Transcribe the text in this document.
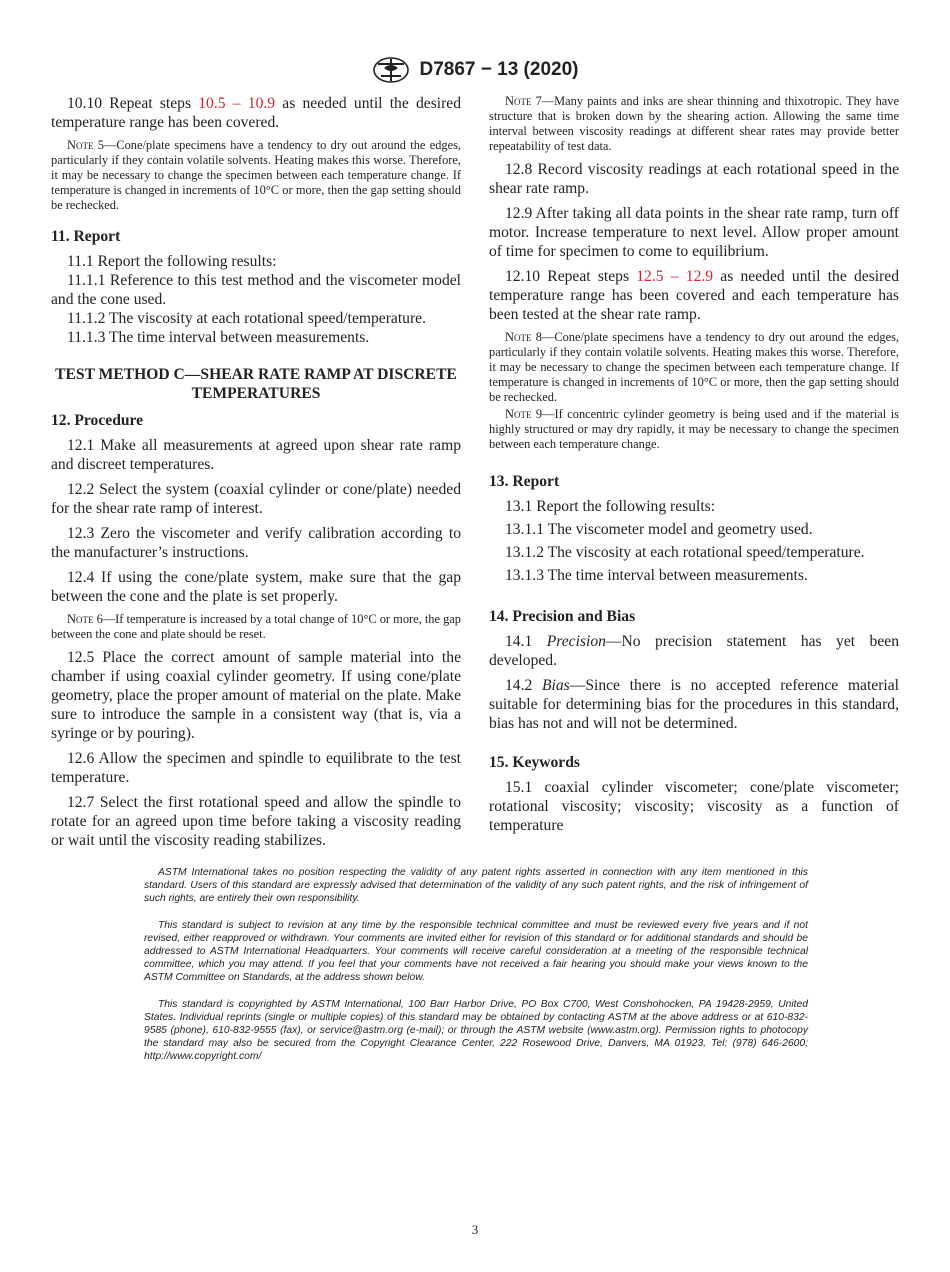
D7867 − 13 (2020)

10.10 Repeat steps 10.5 – 10.9 as needed until the desired temperature range has been covered.

Note 5—Cone/plate specimens have a tendency to dry out around the edges, particularly if they contain volatile solvents. Heating makes this worse. Therefore, it may be necessary to change the specimen between each temperature change. If temperature is changed in increments of 10°C or more, then the gap setting should be rechecked.

11. Report

11.1 Report the following results:

11.1.1 Reference to this test method and the viscometer model and the cone used.

11.1.2 The viscosity at each rotational speed/temperature.

11.1.3 The time interval between measurements.

TEST METHOD C—SHEAR RATE RAMP AT DISCRETE TEMPERATURES

12. Procedure

12.1 Make all measurements at agreed upon shear rate ramp and discreet temperatures.

12.2 Select the system (coaxial cylinder or cone/plate) needed for the shear rate ramp of interest.

12.3 Zero the viscometer and verify calibration according to the manufacturer’s instructions.

12.4 If using the cone/plate system, make sure that the gap between the cone and the plate is set properly.

Note 6—If temperature is increased by a total change of 10°C or more, the gap between the cone and plate should be reset.

12.5 Place the correct amount of sample material into the chamber if using coaxial cylinder geometry. If using cone/plate geometry, place the proper amount of material on the plate. Make sure to introduce the sample in a consistent way (that is, via a syringe or by pouring).

12.6 Allow the specimen and spindle to equilibrate to the test temperature.

12.7 Select the first rotational speed and allow the spindle to rotate for an agreed upon time before taking a viscosity reading or wait until the viscosity reading stabilizes.

Note 7—Many paints and inks are shear thinning and thixotropic. They have structure that is broken down by the shearing action. Allowing the same time interval between viscosity readings at different shear rates may provide better repeatability of test data.

12.8 Record viscosity readings at each rotational speed in the shear rate ramp.

12.9 After taking all data points in the shear rate ramp, turn off motor. Increase temperature to next level. Allow proper amount of time for specimen to come to equilibrium.

12.10 Repeat steps 12.5 – 12.9 as needed until the desired temperature range has been covered and each temperature has been tested at the shear rate ramp.

Note 8—Cone/plate specimens have a tendency to dry out around the edges, particularly if they contain volatile solvents. Heating makes this worse. Therefore, it may be necessary to change the specimen between each temperature change. If temperature is changed in increments of 10°C or more, then the gap setting should be rechecked.

Note 9—If concentric cylinder geometry is being used and if the material is highly structured or may dry rapidly, it may be necessary to change the specimen between each temperature change.

13. Report

13.1 Report the following results:

13.1.1 The viscometer model and geometry used.

13.1.2 The viscosity at each rotational speed/temperature.

13.1.3 The time interval between measurements.

14. Precision and Bias

14.1 Precision—No precision statement has yet been developed.

14.2 Bias—Since there is no accepted reference material suitable for determining bias for the procedures in this standard, bias has not and will not be determined.

15. Keywords

15.1 coaxial cylinder viscometer; cone/plate viscometer; rotational viscosity; viscosity; viscosity as a function of temperature

ASTM International takes no position respecting the validity of any patent rights asserted in connection with any item mentioned in this standard. Users of this standard are expressly advised that determination of the validity of any such patent rights, and the risk of infringement of such rights, are entirely their own responsibility.

This standard is subject to revision at any time by the responsible technical committee and must be reviewed every five years and if not revised, either reapproved or withdrawn. Your comments are invited either for revision of this standard or for additional standards and should be addressed to ASTM International Headquarters. Your comments will receive careful consideration at a meeting of the responsible technical committee, which you may attend. If you feel that your comments have not received a fair hearing you should make your views known to the ASTM Committee on Standards, at the address shown below.

This standard is copyrighted by ASTM International, 100 Barr Harbor Drive, PO Box C700, West Conshohocken, PA 19428-2959, United States. Individual reprints (single or multiple copies) of this standard may be obtained by contacting ASTM at the above address or at 610-832-9585 (phone), 610-832-9555 (fax), or service@astm.org (e-mail); or through the ASTM website (www.astm.org). Permission rights to photocopy the standard may also be secured from the Copyright Clearance Center, 222 Rosewood Drive, Danvers, MA 01923, Tel: (978) 646-2600; http://www.copyright.com/

3
